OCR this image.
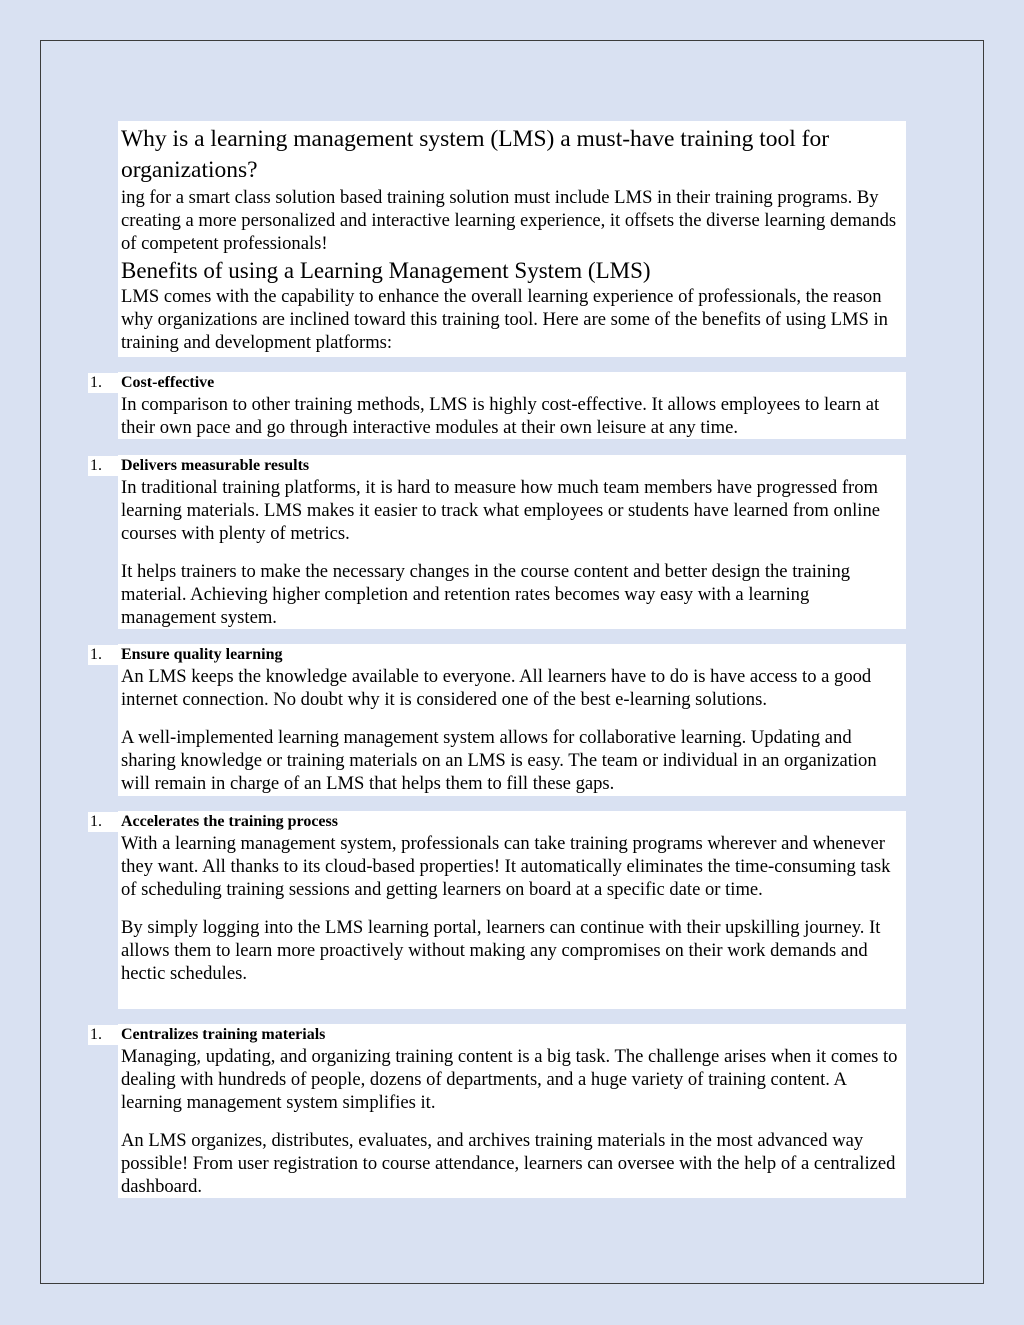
Why is a learning management system (LMS) a must-have training tool for organizations?

ing for a smart class solution based training solution must include LMS in their training programs. By creating a more personalized and interactive learning experience, it offsets the diverse learning demands of competent professionals!

Benefits of using a Learning Management System (LMS)

LMS comes with the capability to enhance the overall learning experience of professionals, the reason why organizations are inclined toward this training tool. Here are some of the benefits of using LMS in training and development platforms:

1.	Cost-effective

In comparison to other training methods, LMS is highly cost-effective. It allows employees to learn at their own pace and go through interactive modules at their own leisure at any time.

1.	Delivers measurable results

In traditional training platforms, it is hard to measure how much team members have progressed from learning materials. LMS makes it easier to track what employees or students have learned from online courses with plenty of metrics.

It helps trainers to make the necessary changes in the course content and better design the training material. Achieving higher completion and retention rates becomes way easy with a learning management system.

1.	Ensure quality learning

An LMS keeps the knowledge available to everyone. All learners have to do is have access to a good internet connection. No doubt why it is considered one of the best e-learning solutions.

A well-implemented learning management system allows for collaborative learning. Updating and sharing knowledge or training materials on an LMS is easy. The team or individual in an organization will remain in charge of an LMS that helps them to fill these gaps.

1.	Accelerates the training process

With a learning management system, professionals can take training programs wherever and whenever they want. All thanks to its cloud-based properties! It automatically eliminates the time-consuming task of scheduling training sessions and getting learners on board at a specific date or time.

By simply logging into the LMS learning portal, learners can continue with their upskilling journey. It allows them to learn more proactively without making any compromises on their work demands and hectic schedules.

1.	Centralizes training materials

Managing, updating, and organizing training content is a big task. The challenge arises when it comes to dealing with hundreds of people, dozens of departments, and a huge variety of training content. A learning management system simplifies it.

An LMS organizes, distributes, evaluates, and archives training materials in the most advanced way possible! From user registration to course attendance, learners can oversee with the help of a centralized dashboard.
